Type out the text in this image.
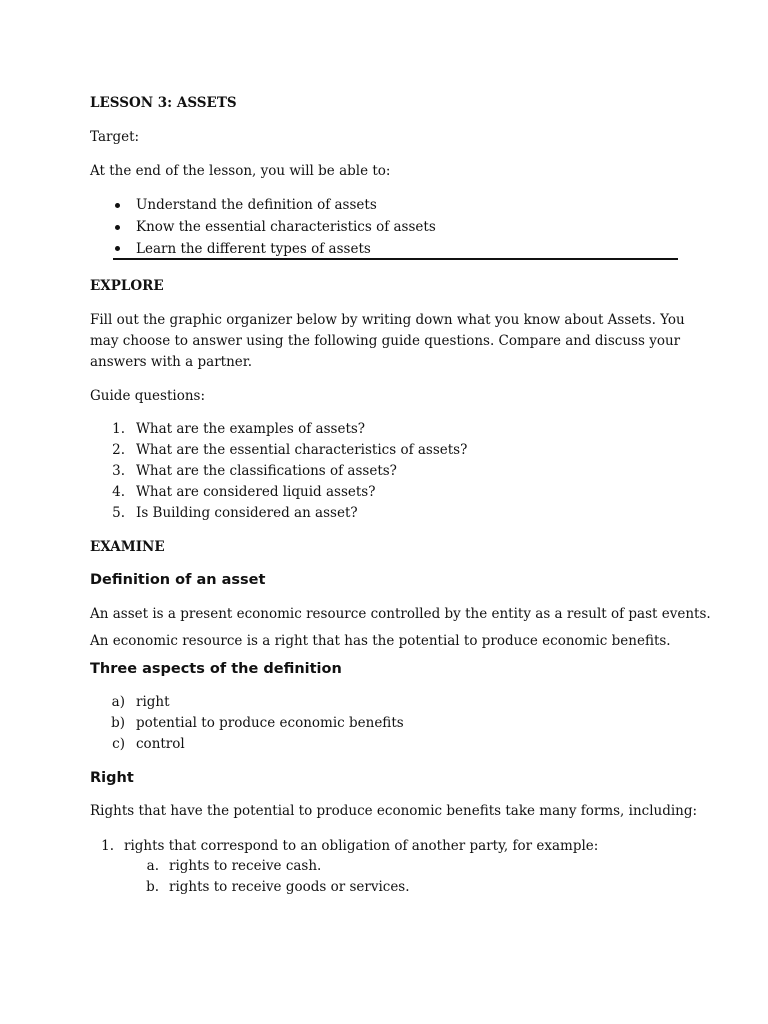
LESSON 3: ASSETS
Target:
At the end of the lesson, you will be able to:
Understand the definition of assets
Know the essential characteristics of assets
Learn the different types of assets
EXPLORE
Fill out the graphic organizer below by writing down what you know about Assets. You
may choose to answer using the following guide questions. Compare and discuss your
answers with a partner.
Guide questions:
1. What are the examples of assets?
2. What are the essential characteristics of assets?
3. What are the classifications of assets?
4. What are considered liquid assets?
5. Is Building considered an asset?
EXAMINE
Definition of an asset
An asset is a present economic resource controlled by the entity as a result of past events.
An economic resource is a right that has the potential to produce economic benefits.
Three aspects of the definition
a) right
b) potential to produce economic benefits
c) control
Right
Rights that have the potential to produce economic benefits take many forms, including:
1. rights that correspond to an obligation of another party, for example:
a. rights to receive cash.
b. rights to receive goods or services.
